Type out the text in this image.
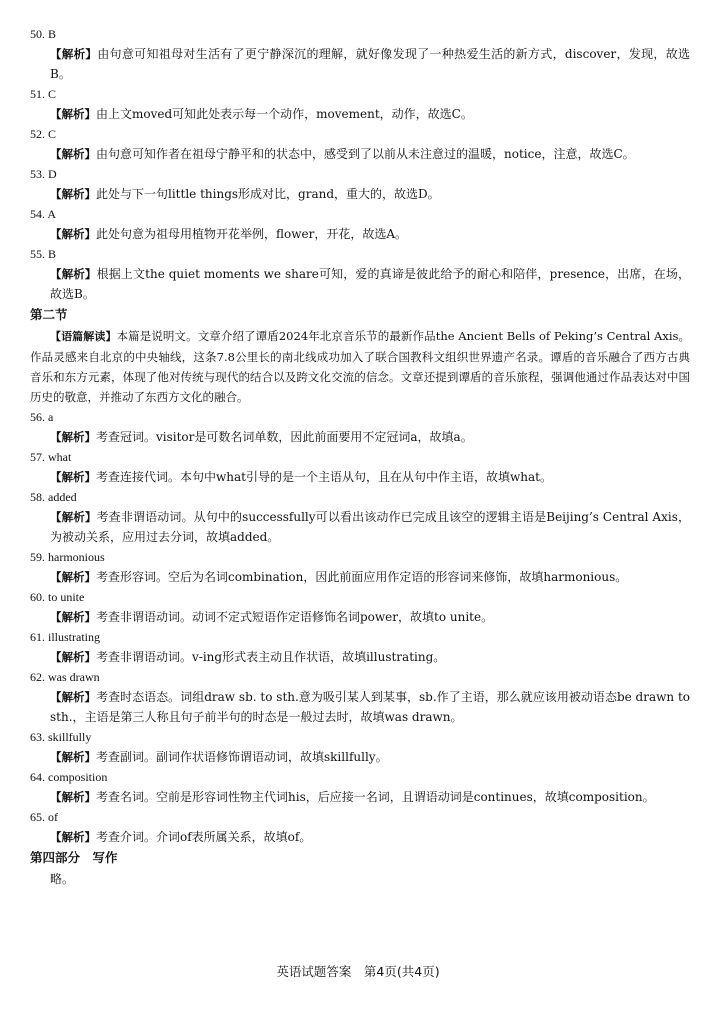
50. B
【解析】由句意可知祖母对生活有了更宁静深沉的理解，就好像发现了一种热爱生活的新方式，discover，发现，故选B。
51. C
【解析】由上文moved可知此处表示每一个动作，movement，动作，故选C。
52. C
【解析】由句意可知作者在祖母宁静平和的状态中，感受到了以前从未注意过的温暖，notice，注意，故选C。
53. D
【解析】此处与下一句little things形成对比，grand，重大的，故选D。
54. A
【解析】此处句意为祖母用植物开花举例，flower，开花，故选A。
55. B
【解析】根据上文the quiet moments we share可知，爱的真谛是彼此给予的耐心和陪伴，presence，出席，在场，故选B。
第二节
【语篇解读】本篇是说明文。文章介绍了谭盾2024年北京音乐节的最新作品the Ancient Bells of Peking’s Central Axis。作品灵感来自北京的中央轴线，这条7.8公里长的南北线成功加入了联合国教科文组织世界遗产名录。谭盾的音乐融合了西方古典音乐和东方元素，体现了他对传统与现代的结合以及跨文化交流的信念。文章还提到谭盾的音乐旅程，强调他通过作品表达对中国历史的敬意，并推动了东西方文化的融合。
56. a
【解析】考查冠词。visitor是可数名词单数，因此前面要用不定冠词a，故填a。
57. what
【解析】考查连接代词。本句中what引导的是一个主语从句，且在从句中作主语，故填what。
58. added
【解析】考查非谓语动词。从句中的successfully可以看出该动作已完成且该空的逻辑主语是Beijing’s Central Axis，为被动关系，应用过去分词，故填added。
59. harmonious
【解析】考查形容词。空后为名词combination，因此前面应用作定语的形容词来修饰，故填harmonious。
60. to unite
【解析】考查非谓语动词。动词不定式短语作定语修饰名词power，故填to unite。
61. illustrating
【解析】考查非谓语动词。v-ing形式表主动且作状语，故填illustrating。
62. was drawn
【解析】考查时态语态。词组draw sb. to sth.意为吸引某人到某事，sb.作了主语，那么就应该用被动语态be drawn to sth.，主语是第三人称且句子前半句的时态是一般过去时，故填was drawn。
63. skillfully
【解析】考查副词。副词作状语修饰谓语动词，故填skillfully。
64. composition
【解析】考查名词。空前是形容词性物主代词his，后应接一名词，且谓语动词是continues，故填composition。
65. of
【解析】考查介词。介词of表所属关系，故填of。
第四部分　写作
略。
英语试题答案　第4页(共4页)
